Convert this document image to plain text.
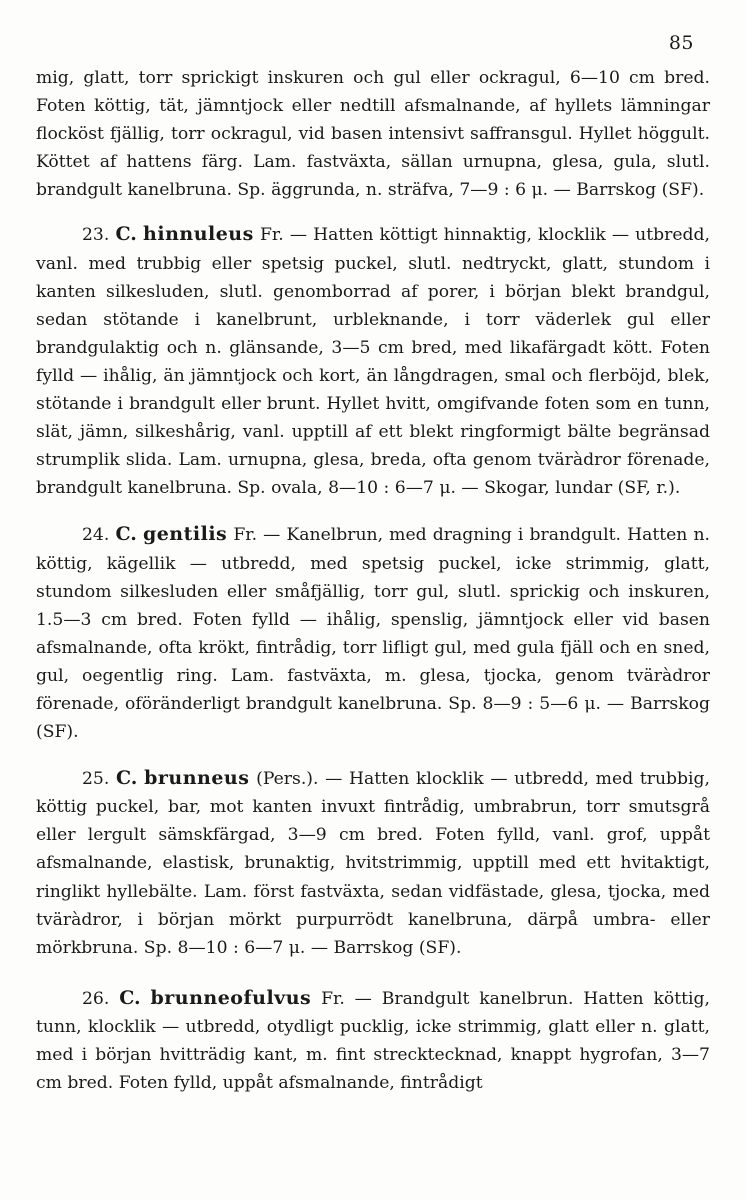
85

mig, glatt, torr sprickigt inskuren och gul eller ockragul, 6—10 cm bred. Foten köttig, tät, jämntjock eller nedtill afsmalnande, af hyllets lämningar flocköst fjällig, torr ockragul, vid basen intensivt saffransgul. Hyllet höggult. Köttet af hattens färg. Lam. fastväxta, sällan urnupna, glesa, gula, slutl. brandgult kanelbruna. Sp. äggrunda, n. sträfva, 7—9 : 6 μ. — Barrskog (SF).

23. C. hinnuleus Fr. — Hatten köttigt hinnaktig, klocklik — utbredd, vanl. med trubbig eller spetsig puckel, slutl. nedtryckt, glatt, stundom i kanten silkesluden, slutl. genomborrad af porer, i början blekt brandgul, sedan stötande i kanelbrunt, urbleknande, i torr väderlek gul eller brandgulaktig och n. glänsande, 3—5 cm bred, med likafärgadt kött. Foten fylld — ihålig, än jämntjock och kort, än långdragen, smal och flerböjd, blek, stötande i brandgult eller brunt. Hyllet hvitt, omgifvande foten som en tunn, slät, jämn, silkeshårig, vanl. upptill af ett blekt ringformigt bälte begränsad strumplik slida. Lam. urnupna, glesa, breda, ofta genom tväràdror förenade, brandgult kanelbruna. Sp. ovala, 8—10 : 6—7 μ. — Skogar, lundar (SF, r.).

24. C. gentilis Fr. — Kanelbrun, med dragning i brandgult. Hatten n. köttig, kägellik — utbredd, med spetsig puckel, icke strimmig, glatt, stundom silkesluden eller småfjällig, torr gul, slutl. sprickig och inskuren, 1.5—3 cm bred. Foten fylld — ihålig, spenslig, jämntjock eller vid basen afsmalnande, ofta krökt, fintrådig, torr lifligt gul, med gula fjäll och en sned, gul, oegentlig ring. Lam. fastväxta, m. glesa, tjocka, genom tväràdror förenade, oföränderligt brandgult kanelbruna. Sp. 8—9 : 5—6 μ. — Barrskog (SF).

25. C. brunneus (Pers.). — Hatten klocklik — utbredd, med trubbig, köttig puckel, bar, mot kanten invuxt fintrådig, umbrabrun, torr smutsgrå eller lergult sämskfärgad, 3—9 cm bred. Foten fylld, vanl. grof, uppåt afsmalnande, elastisk, brunaktig, hvitstrimmig, upptill med ett hvitaktigt, ringlikt hyllebälte. Lam. först fastväxta, sedan vidfästade, glesa, tjocka, med tväràdror, i början mörkt purpurrödt kanelbruna, därpå umbra- eller mörkbruna. Sp. 8—10 : 6—7 μ. — Barrskog (SF).

26. C. brunneofulvus Fr. — Brandgult kanelbrun. Hatten köttig, tunn, klocklik — utbredd, otydligt pucklig, icke strimmig, glatt eller n. glatt, med i början hvitträdig kant, m. fint strecktecknad, knappt hygrofan, 3—7 cm bred. Foten fylld, uppåt afsmalnande, fintrådigt
